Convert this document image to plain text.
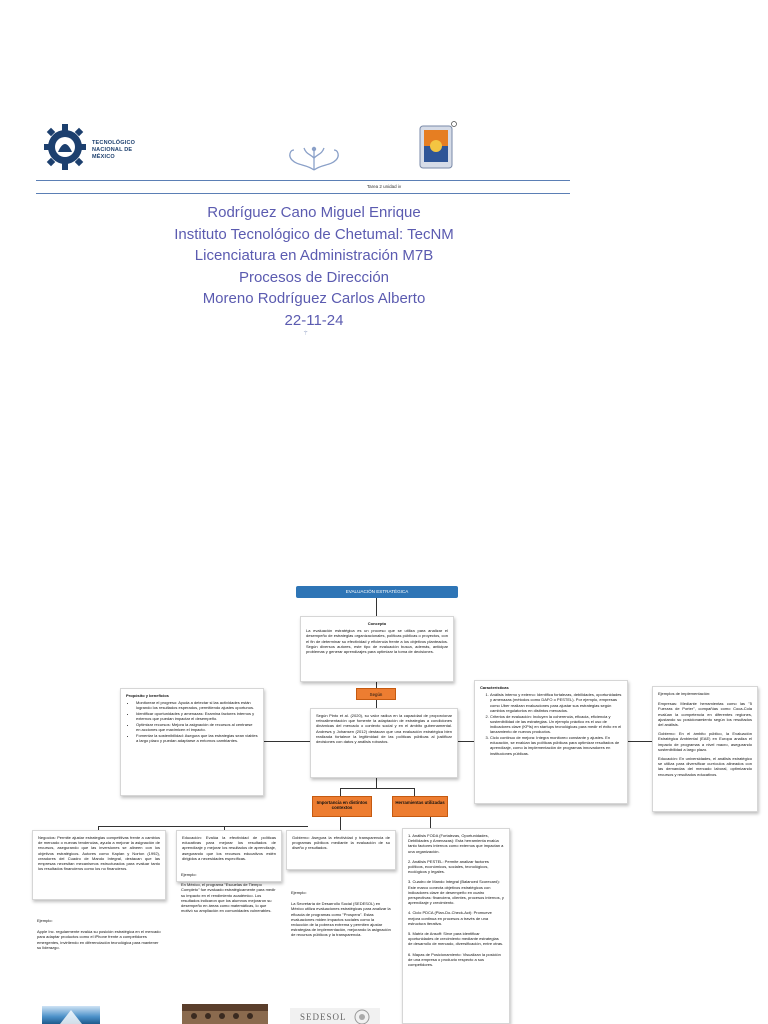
TECNOLÓGICO
NACIONAL DE MÉXICO
Tarea 2 unidad iv
Rodríguez Cano Miguel Enrique
Instituto Tecnológico de Chetumal: TecNM
Licenciatura en Administración M7B
Procesos de Dirección
Moreno Rodríguez Carlos Alberto
22-11-24
⚚
EVALUACIÓN ESTRATÉGICA
Concepto

La evaluación estratégica es un proceso que se utiliza para analizar el desempeño de estrategias organizacionales, políticas públicas o proyectos, con el fin de determinar su efectividad y eficiencia frente a los objetivos planteados. Según diversos autores, este tipo de evaluación busca, además, anticipar problemas y generar aprendizajes para optimizar la toma de decisiones.

Según

Según Pinto et al. (2020), su valor radica en la capacidad de proporcionar retroalimentación que fomente la adaptación de estrategias a condiciones dinámicas del mercado o contexto social y en el ámbito gubernamental. Andrews y Johansen (2012) destacan que una evaluación estratégica bien realizada fortalece la legitimidad de las políticas públicas al justificar decisiones con datos y análisis robustos.

Propósito y beneficios
• Monitorear el progreso: Ayuda a detectar si las actividades están logrando los resultados esperados, permitiendo ajustes oportunos.
• Identificar oportunidades y amenazas: Examina factores internos y externos que puedan impactar el desempeño.
• Optimizar recursos: Mejora la asignación de recursos al centrarse en acciones que maximicen el impacto.
• Fomentar la sostenibilidad: Asegura que las estrategias sean viables a largo plazo y puedan adaptarse a entornos cambiantes.
Características
1. Análisis interno y externo: Identifica fortalezas, debilidades, oportunidades y amenazas (métodos como DAFO o PESTEL). Por ejemplo, empresas como Uber realizan evaluaciones para ajustar sus estrategias según cambios regulatorios en distintos mercados.
2. Criterios de evaluación: Incluyen la coherencia, eficacia, eficiencia y sostenibilidad de las estrategias. Un ejemplo práctico es el uso de indicadores clave (KPIs) en startups tecnológicas para medir el éxito en el lanzamiento de nuevos productos.
3. Ciclo continuo de mejora: Integra monitoreo constante y ajustes. En educación, se evalúan las políticas públicas para optimizar resultados de aprendizaje, como la implementación de programas innovadores en instituciones públicas.
Ejemplos de implementación:

Empresas: Mediante herramientas como las "5 Fuerzas de Porter", compañías como Coca-Cola evalúan la competencia en diferentes regiones, ajustando su posicionamiento según los resultados del análisis.

Gobierno: En el ámbito público, la Evaluación Estratégica Ambiental (EAE) en Europa analiza el impacto de programas a nivel macro, asegurando sostenibilidad a largo plazo.

Educación: En universidades, el análisis estratégico se utiliza para diversificar currículos alineados con las demandas del mercado laboral, optimizando recursos y resultados educativos.

Importancia en distintos contextos
Herramientas utilizadas

Negocios: Permite ajustar estrategias competitivas frente a cambios de mercado o nuevas tendencias, ayuda a mejorar la asignación de recursos, asegurando que las inversiones se alineen con los objetivos estratégicos. Autores como Kaplan y Norton (1992), creadores del Cuadro de Mando Integral, destacan que las empresas necesitan mecanismos estructurados para evaluar tanto los resultados financieros como los no financieros.

Ejemplo:

Apple Inc. regularmente evalúa su posición estratégica en el mercado para adaptar productos como el iPhone frente a competidores emergentes, invirtiendo en diferenciación tecnológica para mantener su liderazgo.

Educación: Evalúa la efectividad de políticas educativas para mejorar los resultados de aprendizaje y mejorar los resultados de aprendizaje, asegurando que los recursos educativos estén dirigidos a necesidades específicas.

Ejemplo:

En México, el programa "Escuelas de Tiempo Completo" fue evaluado estratégicamente para medir su impacto en el rendimiento académico. Los resultados indicaron que los alumnos mejoraron su desempeño en áreas como matemáticas, lo que motivó su ampliación en comunidades vulnerables.

Gobierno: Asegura la efectividad y transparencia de programas públicos mediante la evaluación de su diseño y resultados.

Ejemplo:

La Secretaría de Desarrollo Social (SEDESOL) en México utiliza evaluaciones estratégicas para analizar la eficacia de programas como "Prospera". Estas evaluaciones miden impactos sociales como la reducción de la pobreza extrema y permiten ajustar estrategias de implementación, mejorando la asignación de recursos públicos y la transparencia.

1. Análisis FODA (Fortalezas, Oportunidades, Debilidades y Amenazas): Esta herramienta evalúa tanto factores internos como externos que impactan a una organización.

2. Análisis PESTEL: Permite analizar factores políticos, económicos, sociales, tecnológicos, ecológicos y legales.

3. Cuadro de Mando Integral (Balanced Scorecard): Este marco conecta objetivos estratégicos con indicadores clave de desempeño en cuatro perspectivas: financiera, clientes, procesos internos, y aprendizaje y crecimiento.

4. Ciclo PDCA (Plan-Do-Check-Act): Promueve mejora continua en procesos a través de una estructura iterativa.

5. Matriz de Ansoff: Sirve para identificar oportunidades de crecimiento mediante estrategias de desarrollo de mercado, diversificación, entre otras.

6. Mapas de Posicionamiento: Visualizan la posición de una empresa o producto respecto a sus competidores.

SEDESOL
